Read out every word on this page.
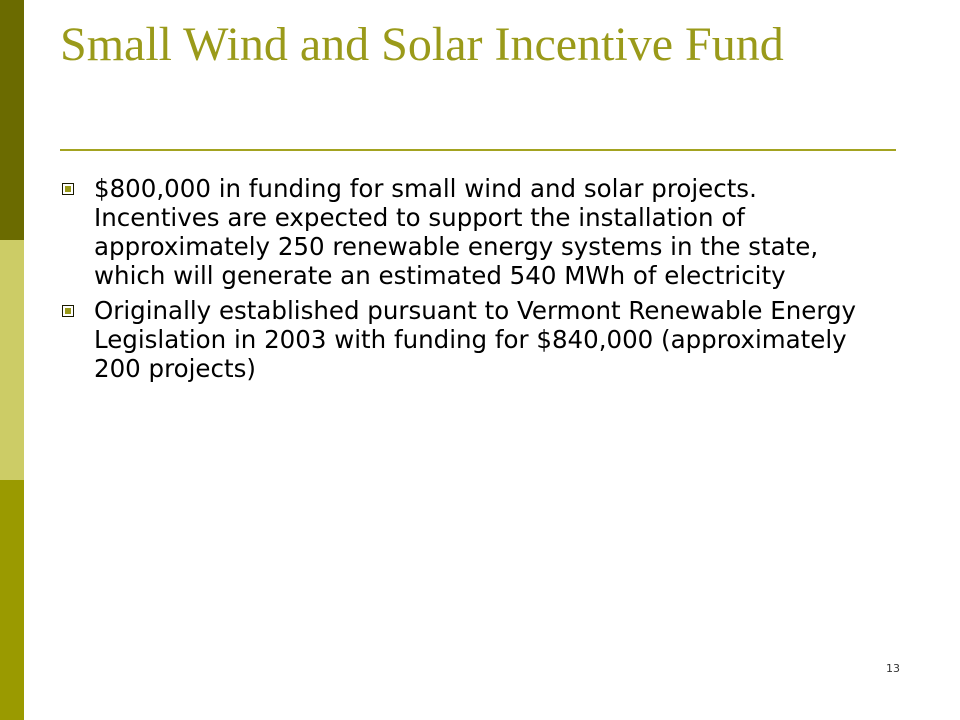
Small Wind and Solar Incentive Fund
$800,000 in funding for small wind and solar projects. Incentives are expected to support the installation of approximately 250 renewable energy systems in the state, which will generate an estimated 540 MWh of electricity
Originally established pursuant to Vermont Renewable Energy Legislation in 2003 with funding for $840,000 (approximately 200 projects)
13
